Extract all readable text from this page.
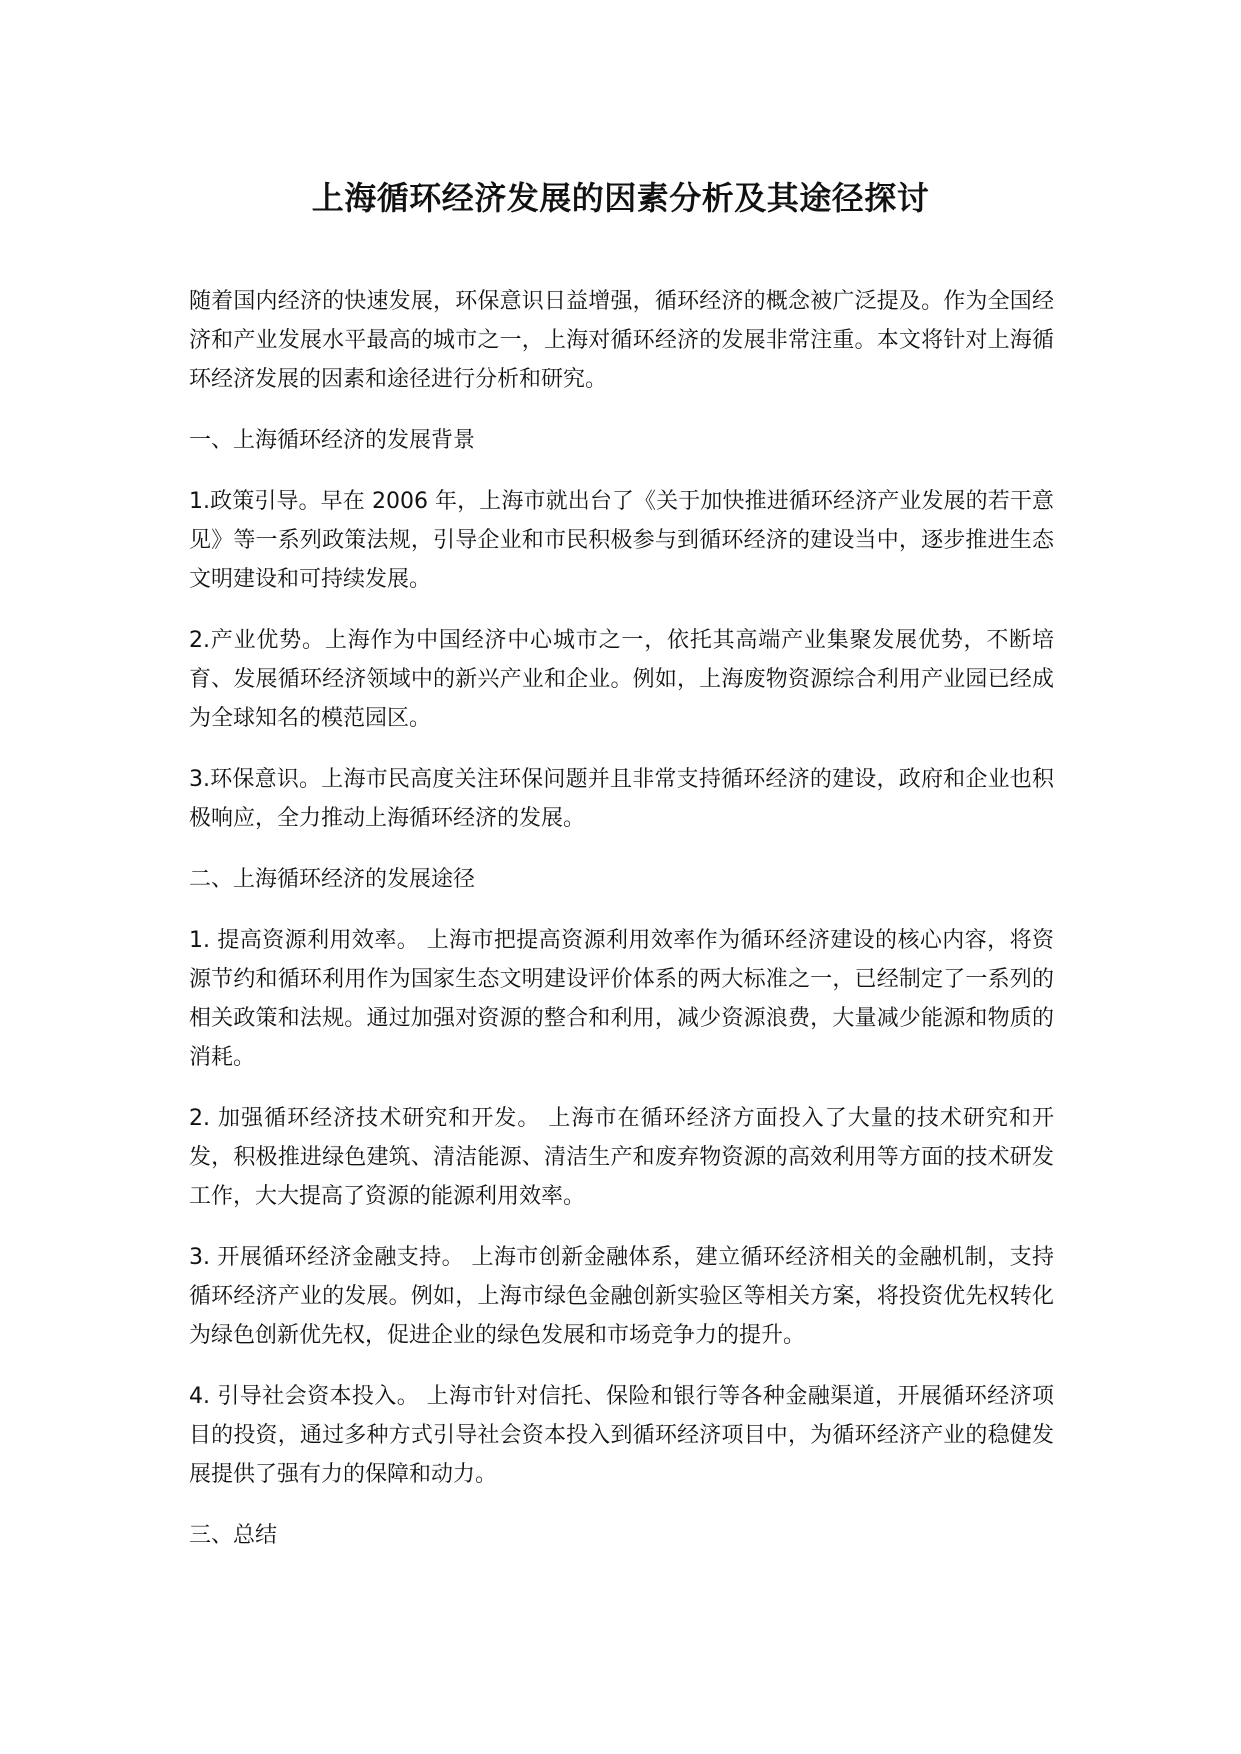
上海循环经济发展的因素分析及其途径探讨

随着国内经济的快速发展，环保意识日益增强，循环经济的概念被广泛提及。作为全国经济和产业发展水平最高的城市之一，上海对循环经济的发展非常注重。本文将针对上海循环经济发展的因素和途径进行分析和研究。

一、上海循环经济的发展背景

1.政策引导。早在 2006 年，上海市就出台了《关于加快推进循环经济产业发展的若干意见》等一系列政策法规，引导企业和市民积极参与到循环经济的建设当中，逐步推进生态文明建设和可持续发展。

2.产业优势。上海作为中国经济中心城市之一，依托其高端产业集聚发展优势，不断培育、发展循环经济领域中的新兴产业和企业。例如，上海废物资源综合利用产业园已经成为全球知名的模范园区。

3.环保意识。上海市民高度关注环保问题并且非常支持循环经济的建设，政府和企业也积极响应，全力推动上海循环经济的发展。

二、上海循环经济的发展途径

1. 提高资源利用效率。 上海市把提高资源利用效率作为循环经济建设的核心内容，将资源节约和循环利用作为国家生态文明建设评价体系的两大标准之一，已经制定了一系列的相关政策和法规。通过加强对资源的整合和利用，减少资源浪费，大量减少能源和物质的消耗。

2. 加强循环经济技术研究和开发。 上海市在循环经济方面投入了大量的技术研究和开发，积极推进绿色建筑、清洁能源、清洁生产和废弃物资源的高效利用等方面的技术研发工作，大大提高了资源的能源利用效率。

3. 开展循环经济金融支持。 上海市创新金融体系，建立循环经济相关的金融机制，支持循环经济产业的发展。例如，上海市绿色金融创新实验区等相关方案，将投资优先权转化为绿色创新优先权，促进企业的绿色发展和市场竞争力的提升。

4. 引导社会资本投入。 上海市针对信托、保险和银行等各种金融渠道，开展循环经济项目的投资，通过多种方式引导社会资本投入到循环经济项目中，为循环经济产业的稳健发展提供了强有力的保障和动力。

三、总结
